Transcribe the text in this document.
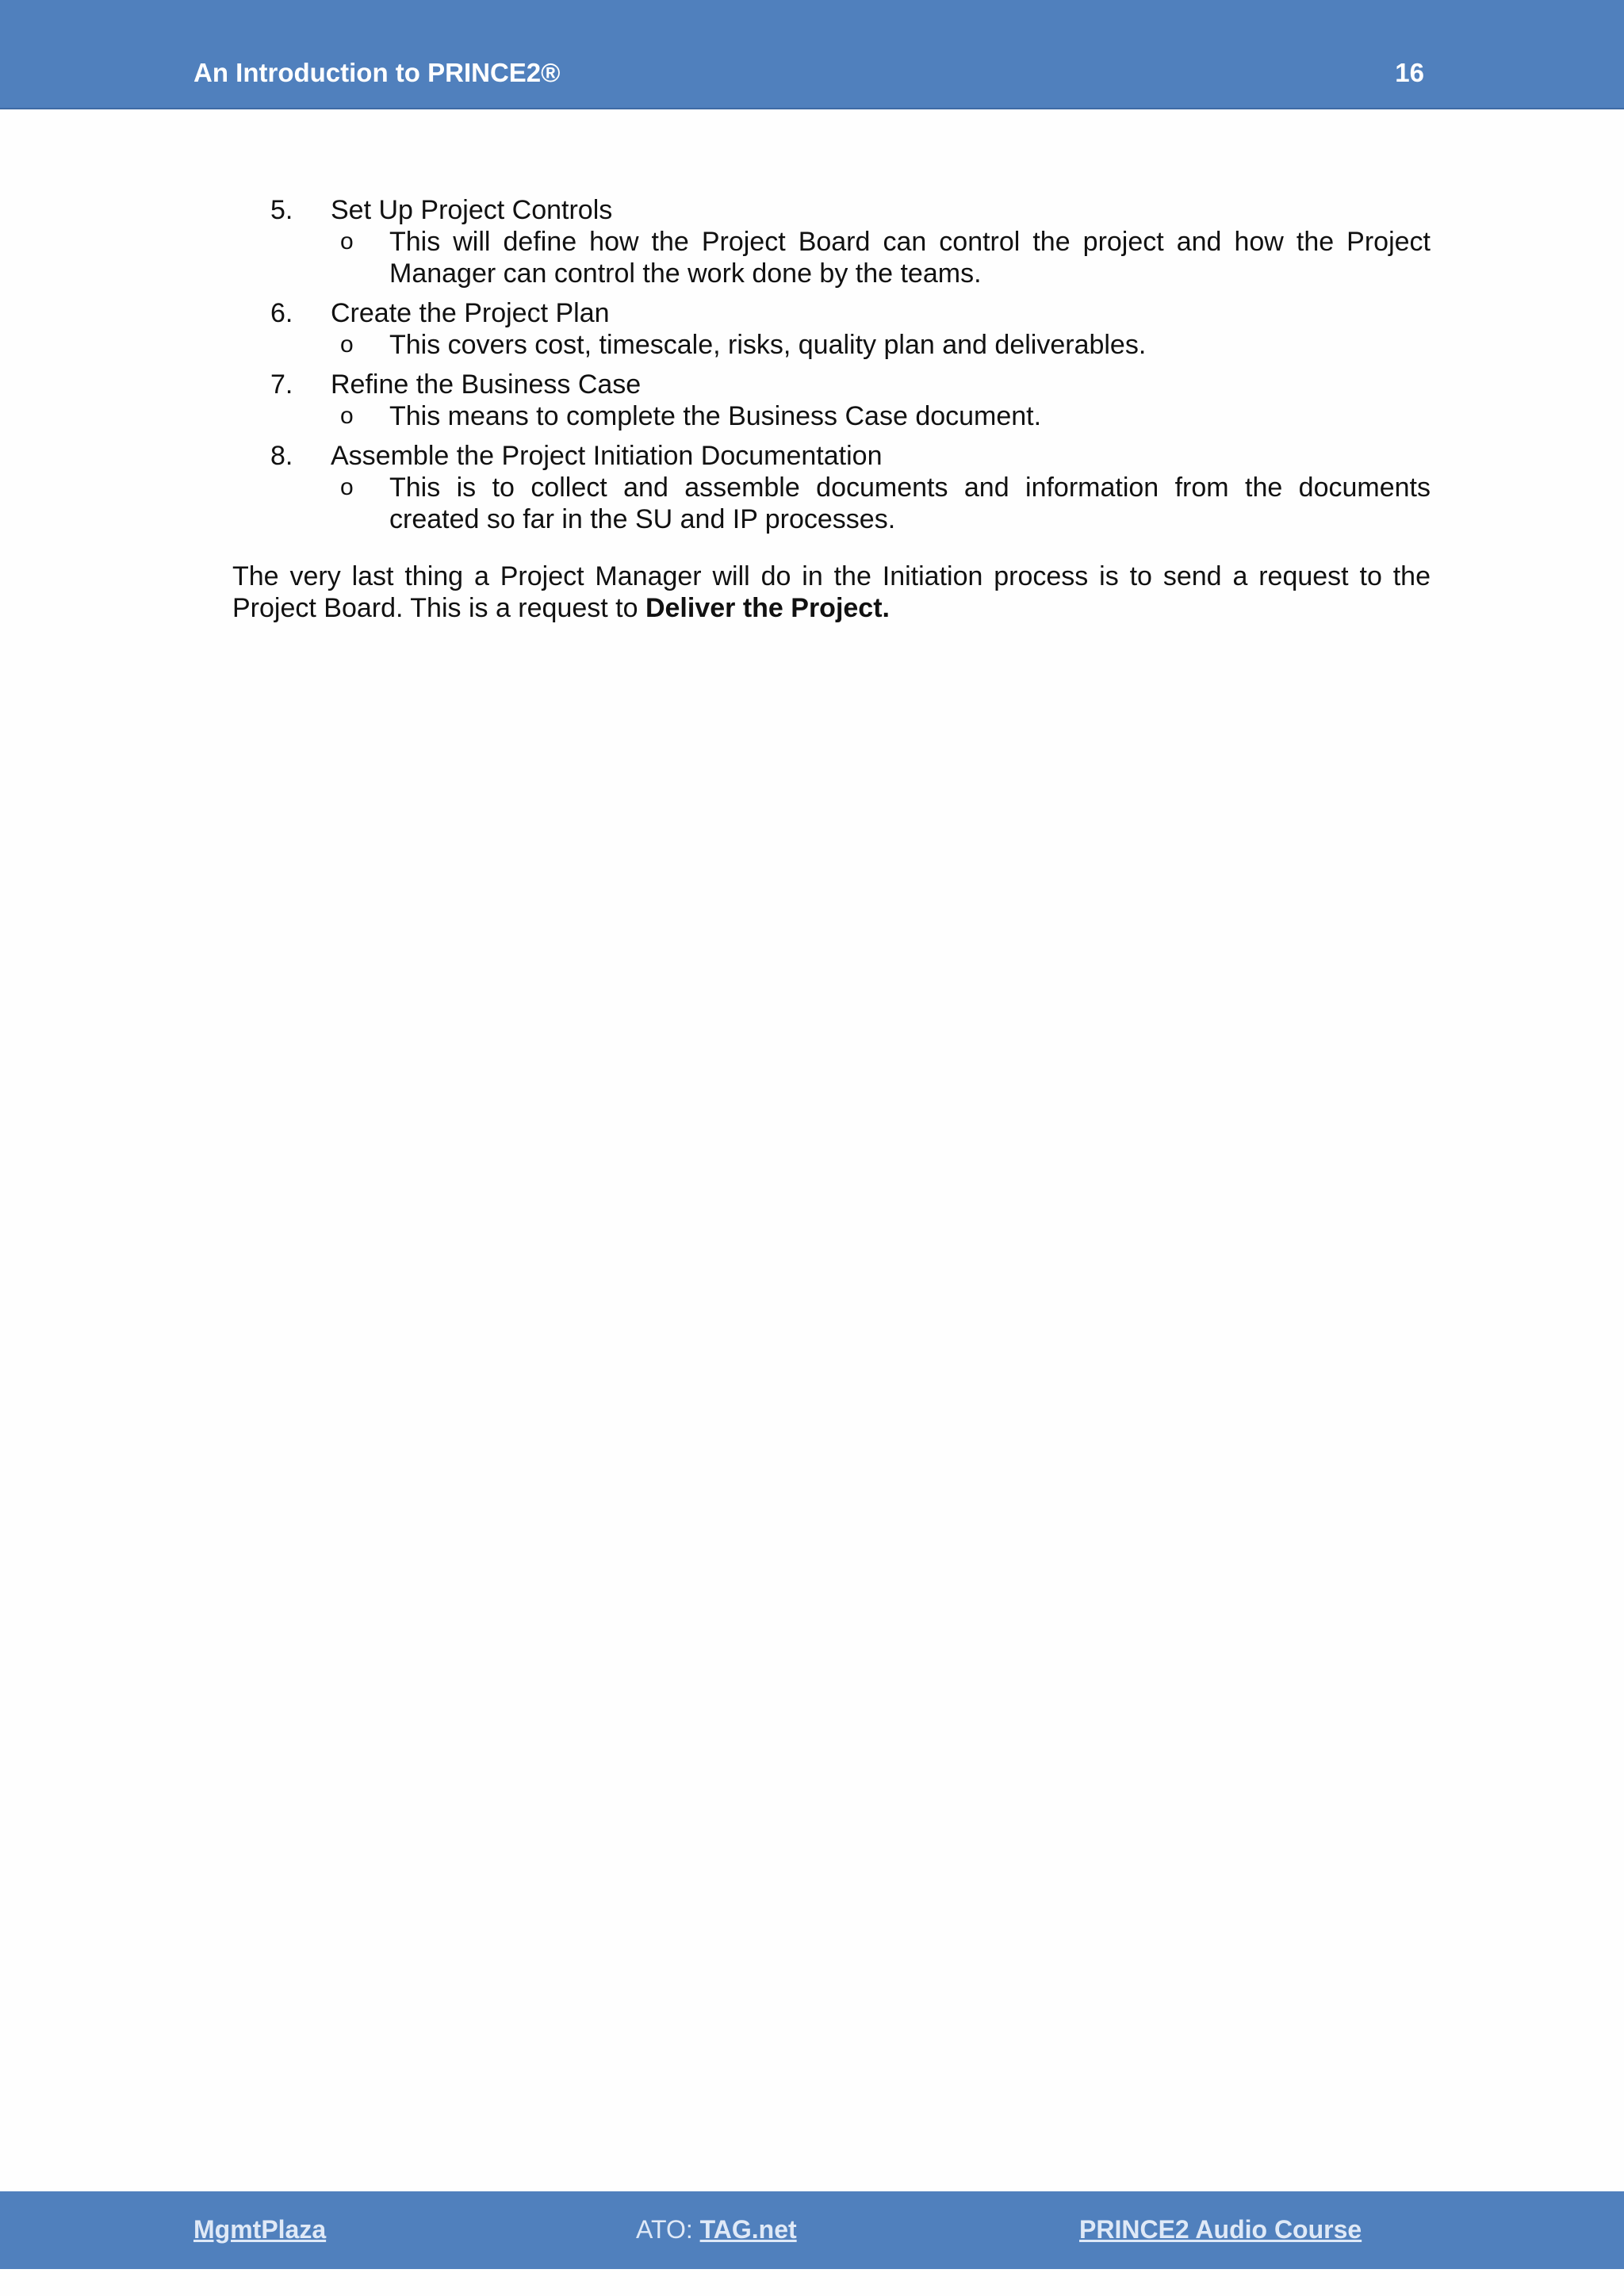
An Introduction to PRINCE2®	16
5. Set Up Project Controls
o This will define how the Project Board can control the project and how the Project Manager can control the work done by the teams.
6. Create the Project Plan
o This covers cost, timescale, risks, quality plan and deliverables.
7. Refine the Business Case
o This means to complete the Business Case document.
8. Assemble the Project Initiation Documentation
o This is to collect and assemble documents and information from the documents created so far in the SU and IP processes.

The very last thing a Project Manager will do in the Initiation process is to send a request to the Project Board. This is a request to Deliver the Project.

MgmtPlaza	ATO: TAG.net	PRINCE2 Audio Course
